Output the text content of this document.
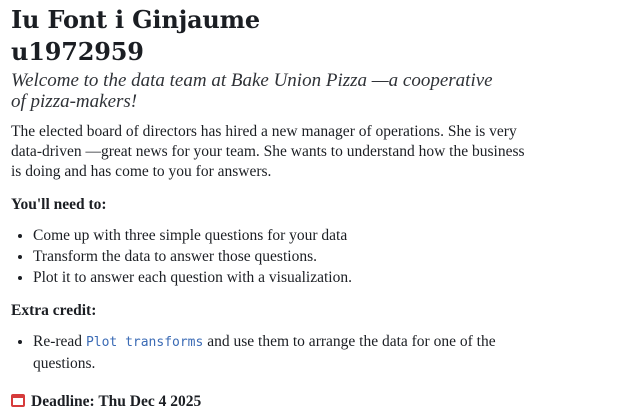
Iu Font i Ginjaume
u1972959
Welcome to the data team at Bake Union Pizza —a cooperative of pizza-makers!

The elected board of directors has hired a new manager of operations. She is very data-driven —great news for your team. She wants to understand how the business is doing and has come to you for answers.

You'll need to:
• Come up with three simple questions for your data
• Transform the data to answer those questions.
• Plot it to answer each question with a visualization.
Extra credit:
• Re-read Plot transforms and use them to arrange the data for one of the questions.
Deadline: Thu Dec 4 2025
